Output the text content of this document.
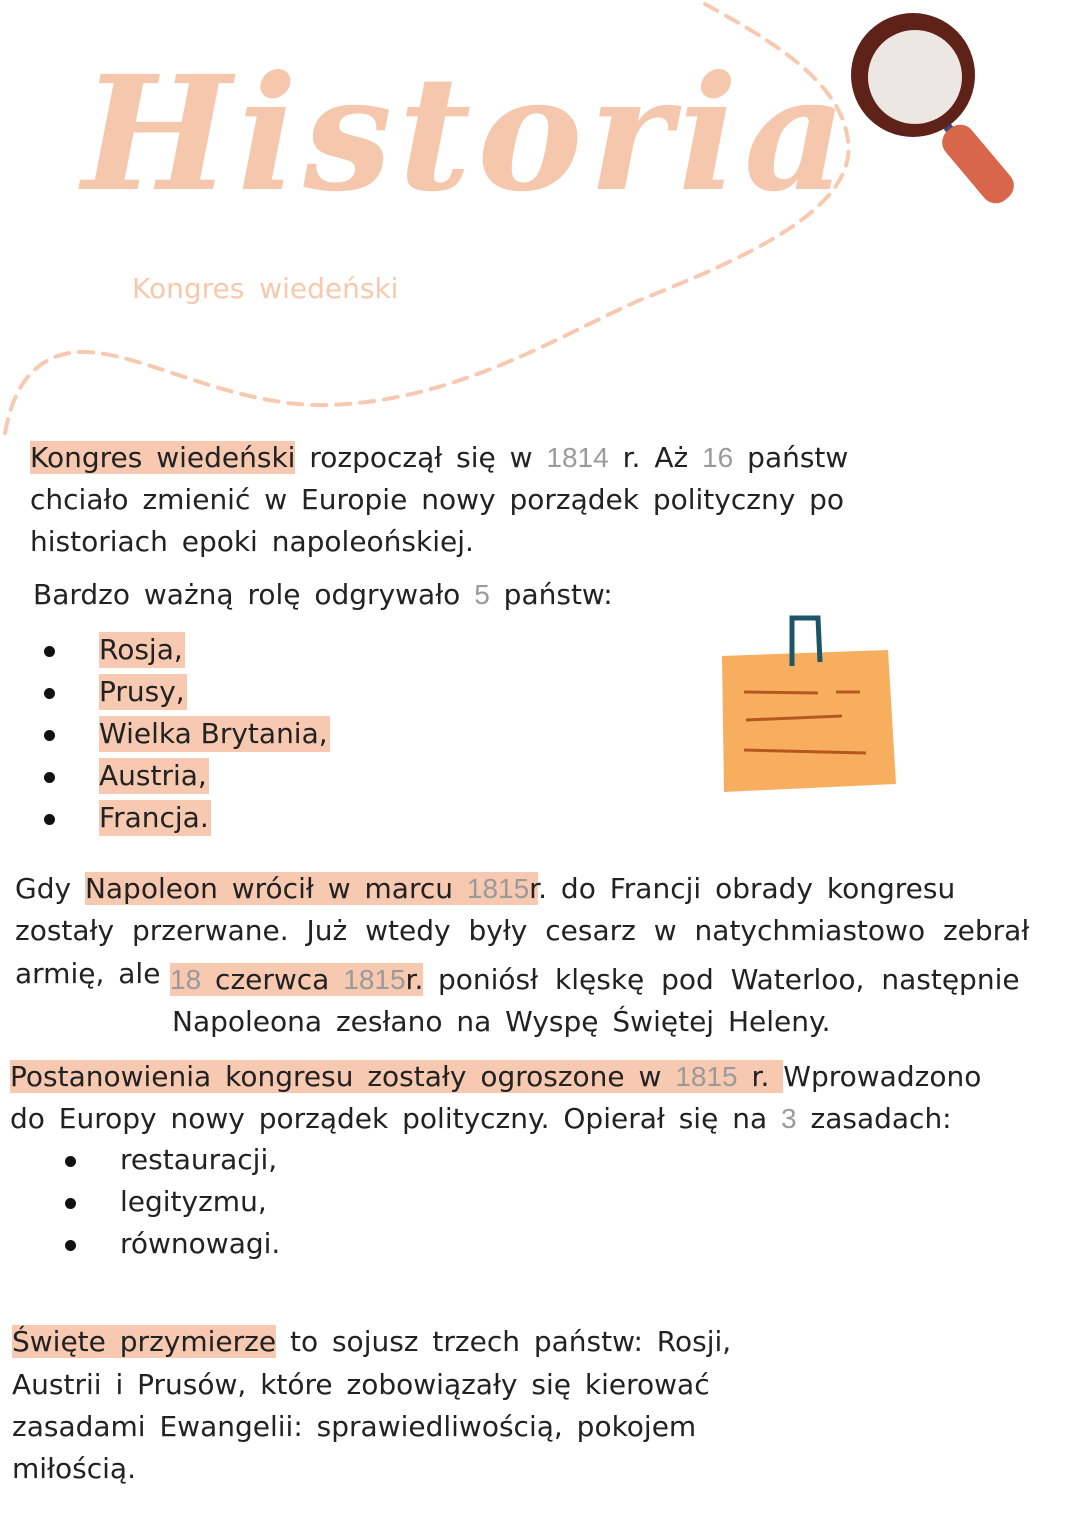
Historia
Kongres wiedeński
Kongres wiedeński rozpoczął się w 1814 r. Aż 16 państw
chciało zmienić w Europie nowy porządek polityczny po
historiach epoki napoleońskiej.
Bardzo ważną rolę odgrywało 5 państw:
Rosja,
Prusy,
Wielka Brytania,
Austria,
Francja.
Gdy Napoleon wrócił w marcu 1815r. do Francji obrady kongresu
zostały przerwane. Już wtedy były cesarz w natychmiastowo zebrał
armię, ale 18 czerwca 1815r. poniósł klęskę pod Waterloo, następnie
Napoleona zesłano na Wyspę Świętej Heleny.
Postanowienia kongresu zostały ogroszone w 1815 r. Wprowadzono
do Europy nowy porządek polityczny. Opierał się na 3 zasadach:
restauracji,
legityzmu,
równowagi.
Święte przymierze to sojusz trzech państw: Rosji,
Austrii i Prusów, które zobowiązały się kierować
zasadami Ewangelii: sprawiedliwością, pokojem
miłością.
